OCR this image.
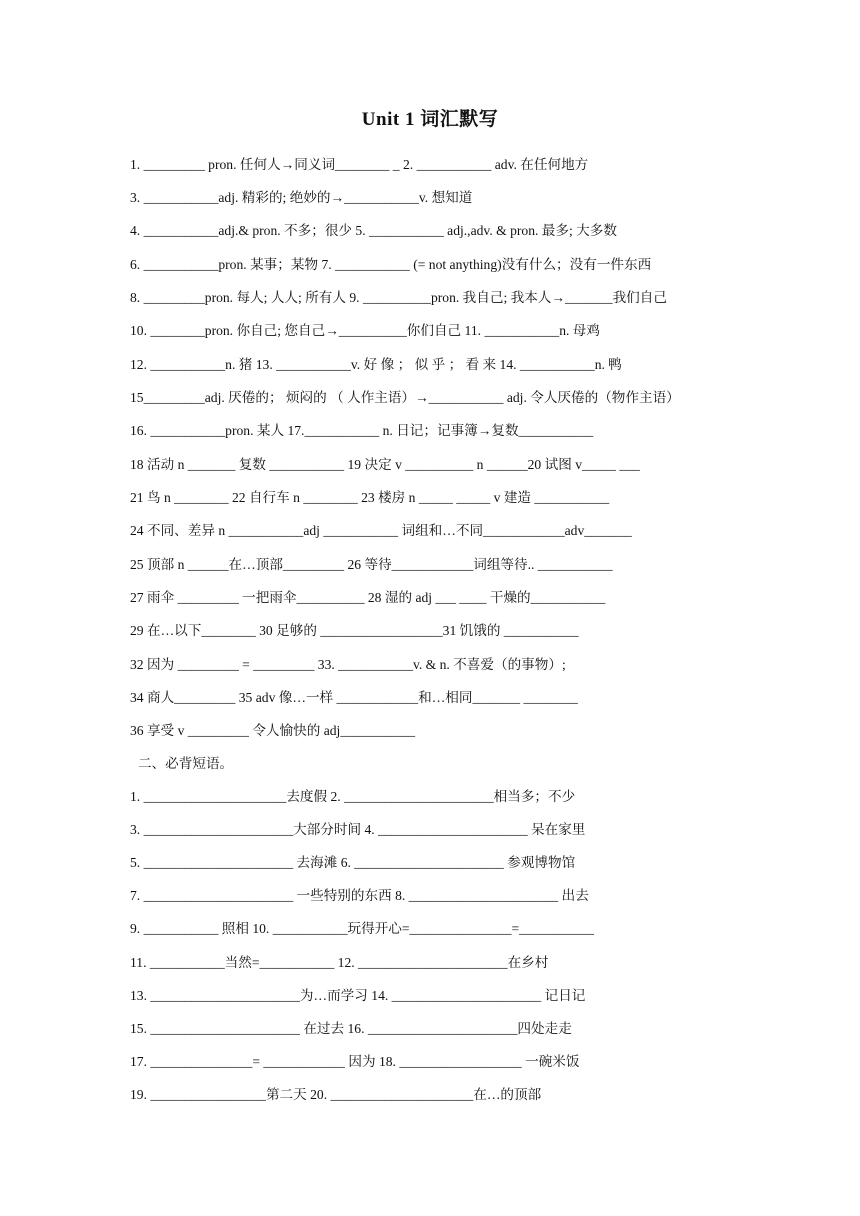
Unit 1 词汇默写
1. _________ pron. 任何人→同义词________ _ 2. ___________ adv. 在任何地方
3. ___________adj. 精彩的; 绝妙的→___________v. 想知道
4. ___________adj.& pron. 不多；很少 5. ___________ adj.,adv. & pron. 最多; 大多数
6. ___________pron. 某事；某物 7. ___________ (= not anything)没有什么；没有一件东西
8. _________pron. 每人; 人人; 所有人 9. __________pron. 我自己; 我本人→_______我们自己
10. ________pron. 你自己; 您自己→__________你们自己 11. ___________n. 母鸡
12. ___________n. 猪 13. ___________v. 好 像 ； 似 乎 ； 看 来 14. ___________n. 鸭
15_________adj. 厌倦的； 烦闷的 （ 人作主语）→___________ adj. 令人厌倦的（物作主语）
16. ___________pron. 某人 17.___________ n. 日记；记事簿→复数___________
18 活动 n _______ 复数 ___________ 19 决定 v __________ n ______20 试图 v_____ ___
21 鸟 n ________ 22 自行车 n ________ 23 楼房 n _____ _____ v 建造 ___________
24 不同、差异 n ___________adj ___________ 词组和…不同____________adv_______
25 顶部 n ______在…顶部_________ 26 等待____________词组等待.. ___________
27 雨伞 _________ 一把雨伞__________ 28 湿的 adj ___ ____ 干燥的___________
29 在…以下________ 30 足够的 __________________31 饥饿的 ___________
32 因为 _________ = _________ 33. ___________v. & n. 不喜爱（的事物）;
34 商人_________ 35 adv 像…一样 ____________和…相同_______ ________
36 享受 v _________ 令人愉快的 adj___________
二、必背短语。
1. _____________________去度假 2. ______________________相当多；不少
3. ______________________大部分时间 4. ______________________ 呆在家里
5. ______________________ 去海滩 6. ______________________ 参观博物馆
7. ______________________ 一些特别的东西 8. ______________________ 出去
9. ___________ 照相 10. ___________玩得开心=_______________=___________
11. ___________当然=___________ 12. ______________________在乡村
13. ______________________为…而学习 14. ______________________ 记日记
15. ______________________ 在过去 16. ______________________四处走走
17. _______________= ____________ 因为 18. __________________ 一碗米饭
19. _________________第二天 20. _____________________在…的顶部
